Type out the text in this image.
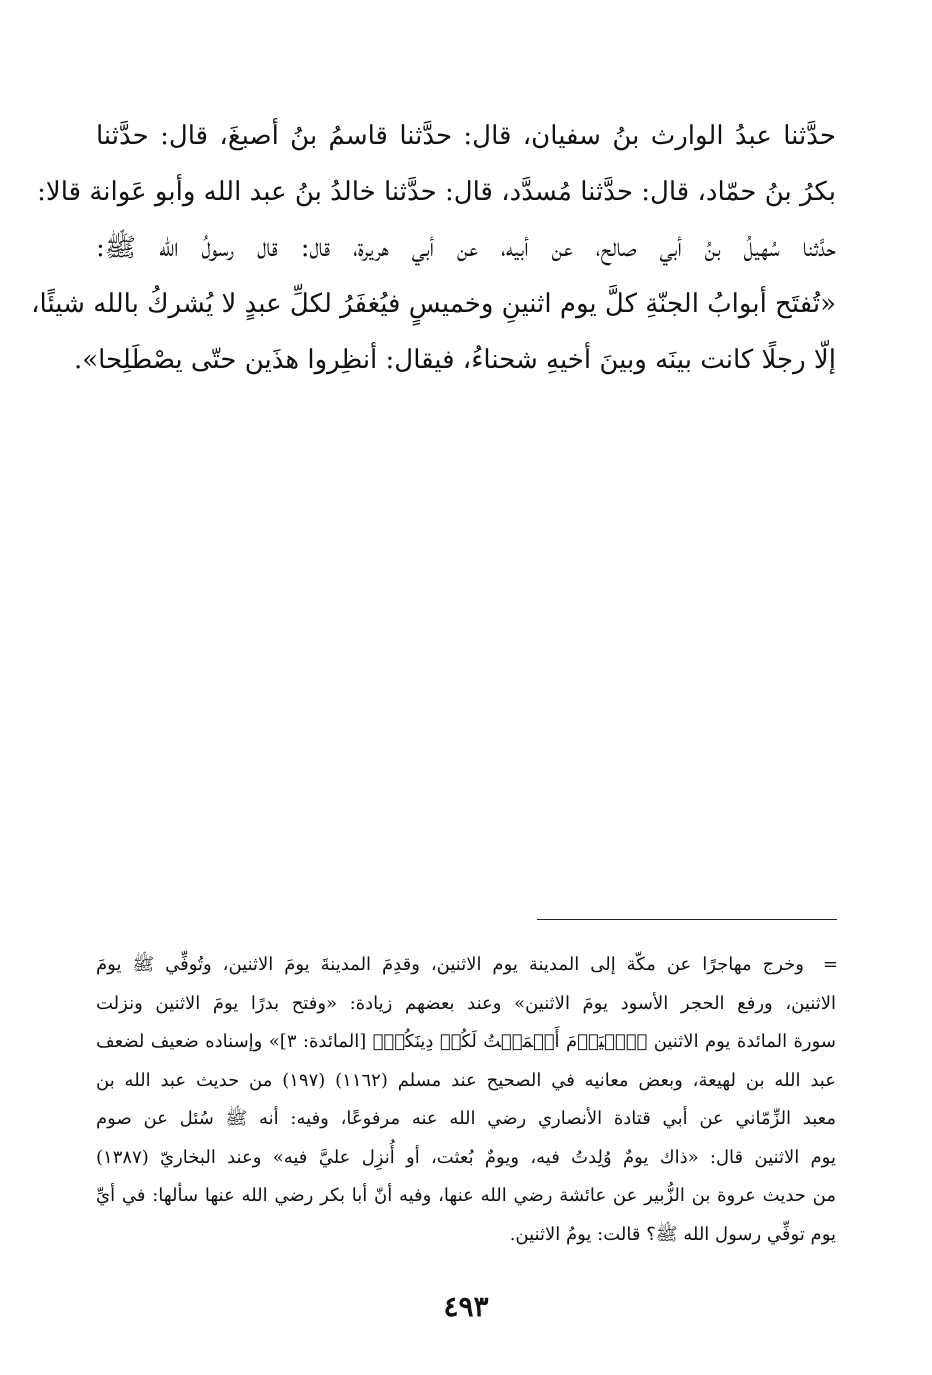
حدَّثنا عبدُ الوارث بنُ سفيان، قال: حدَّثنا قاسمُ بنُ أصبغَ، قال: حدَّثنا
بكرُ بنُ حمّاد، قال: حدَّثنا مُسدَّد، قال: حدَّثنا خالدُ بنُ عبد الله وأبو عَوانة قالا:
حدَّثنا سُهيلُ بنُ أبي صالح، عن أبيه، عن أبي هريرة، قال: قال رسولُ الله ﷺ:
«تُفتَح أبوابُ الجنّةِ كلَّ يوم اثنينِ وخميسٍ فيُغفَرُ لكلِّ عبدٍ لا يُشركُ بالله شيئًا،
إلّا رجلًا كانت بينَه وبينَ أخيهِ شحناءُ، فيقال: أنظِروا هذَين حتّى يصْطَلِحا».
=
وخرج مهاجرًا عن مكّة إلى المدينة يوم الاثنين، وقدِمَ المدينةَ يومَ الاثنين، وتُوفِّي ﷺ يومَ
الاثنين، ورفع الحجر الأسود يومَ الاثنين» وعند بعضهم زيادة: «وفتح بدرًا يومَ الاثنين ونزلت
سورة المائدة يوم الاثنين ﴿ٱلۡيَوۡمَ أَكۡمَلۡتُ لَكُمۡ دِينَكُمۡ﴾ [المائدة: ٣]» وإسناده ضعيف لضعف
عبد الله بن لهيعة، وبعض معانيه في الصحيح عند مسلم (١١٦٢) (١٩٧) من حديث عبد الله بن
معبد الزِّمّاني عن أبي قتادة الأنصاري رضي الله عنه مرفوعًا، وفيه: أنه ﷺ سُئل عن صوم
يوم الاثنين قال: «ذاك يومٌ وُلِدتُ فيه، ويومٌ بُعثت، أو أُنزِل عليَّ فيه» وعند البخاريّ (١٣٨٧)
من حديث عروة بن الزُّبير عن عائشة رضي الله عنها، وفيه أنّ أبا بكر رضي الله عنها سألها: في أيِّ
يوم توفِّي رسول الله ﷺ؟ قالت: يومُ الاثنين.
٤٩٣
